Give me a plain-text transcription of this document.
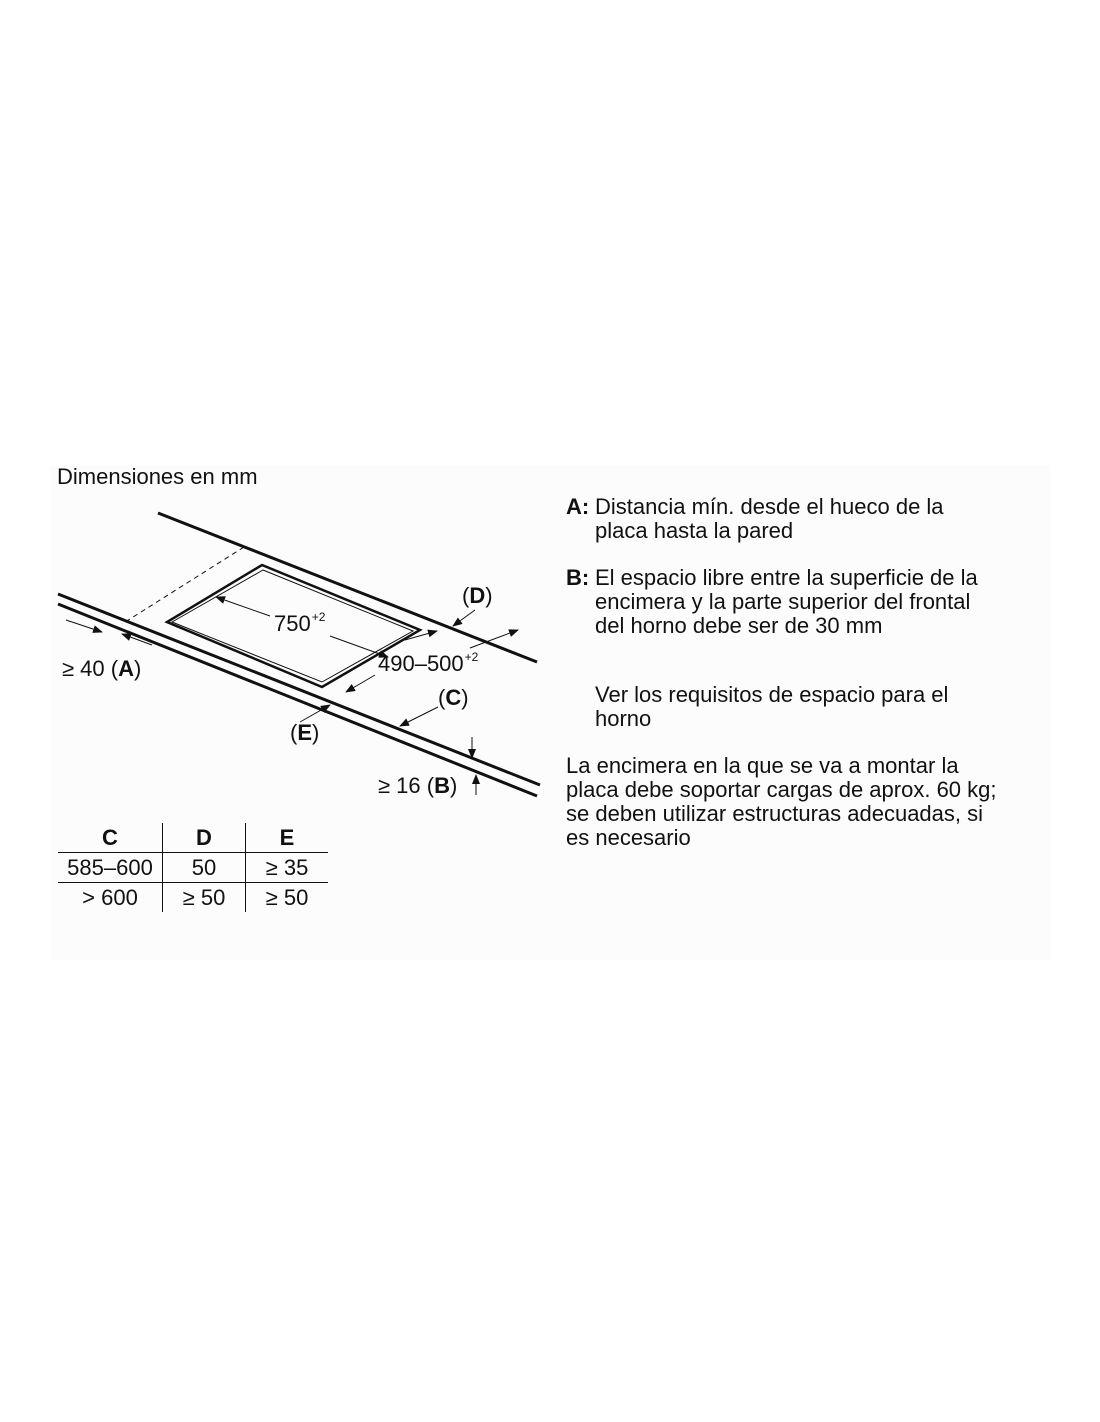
Dimensiones en mm
$750^{+2}$
$490-500^{+2}$
(D)
(C)
(E)
≥ 40 (A)
≥ 16 (B)
C	D	E
585–600	50	≥ 35
> 600	≥ 50	≥ 50
A: Distancia mín. desde el hueco de la
placa hasta la pared
B: El espacio libre entre la superficie de la
encimera y la parte superior del frontal
del horno debe ser de 30 mm
Ver los requisitos de espacio para el
horno
La encimera en la que se va a montar la
placa debe soportar cargas de aprox. 60 kg;
se deben utilizar estructuras adecuadas, si
es necesario
